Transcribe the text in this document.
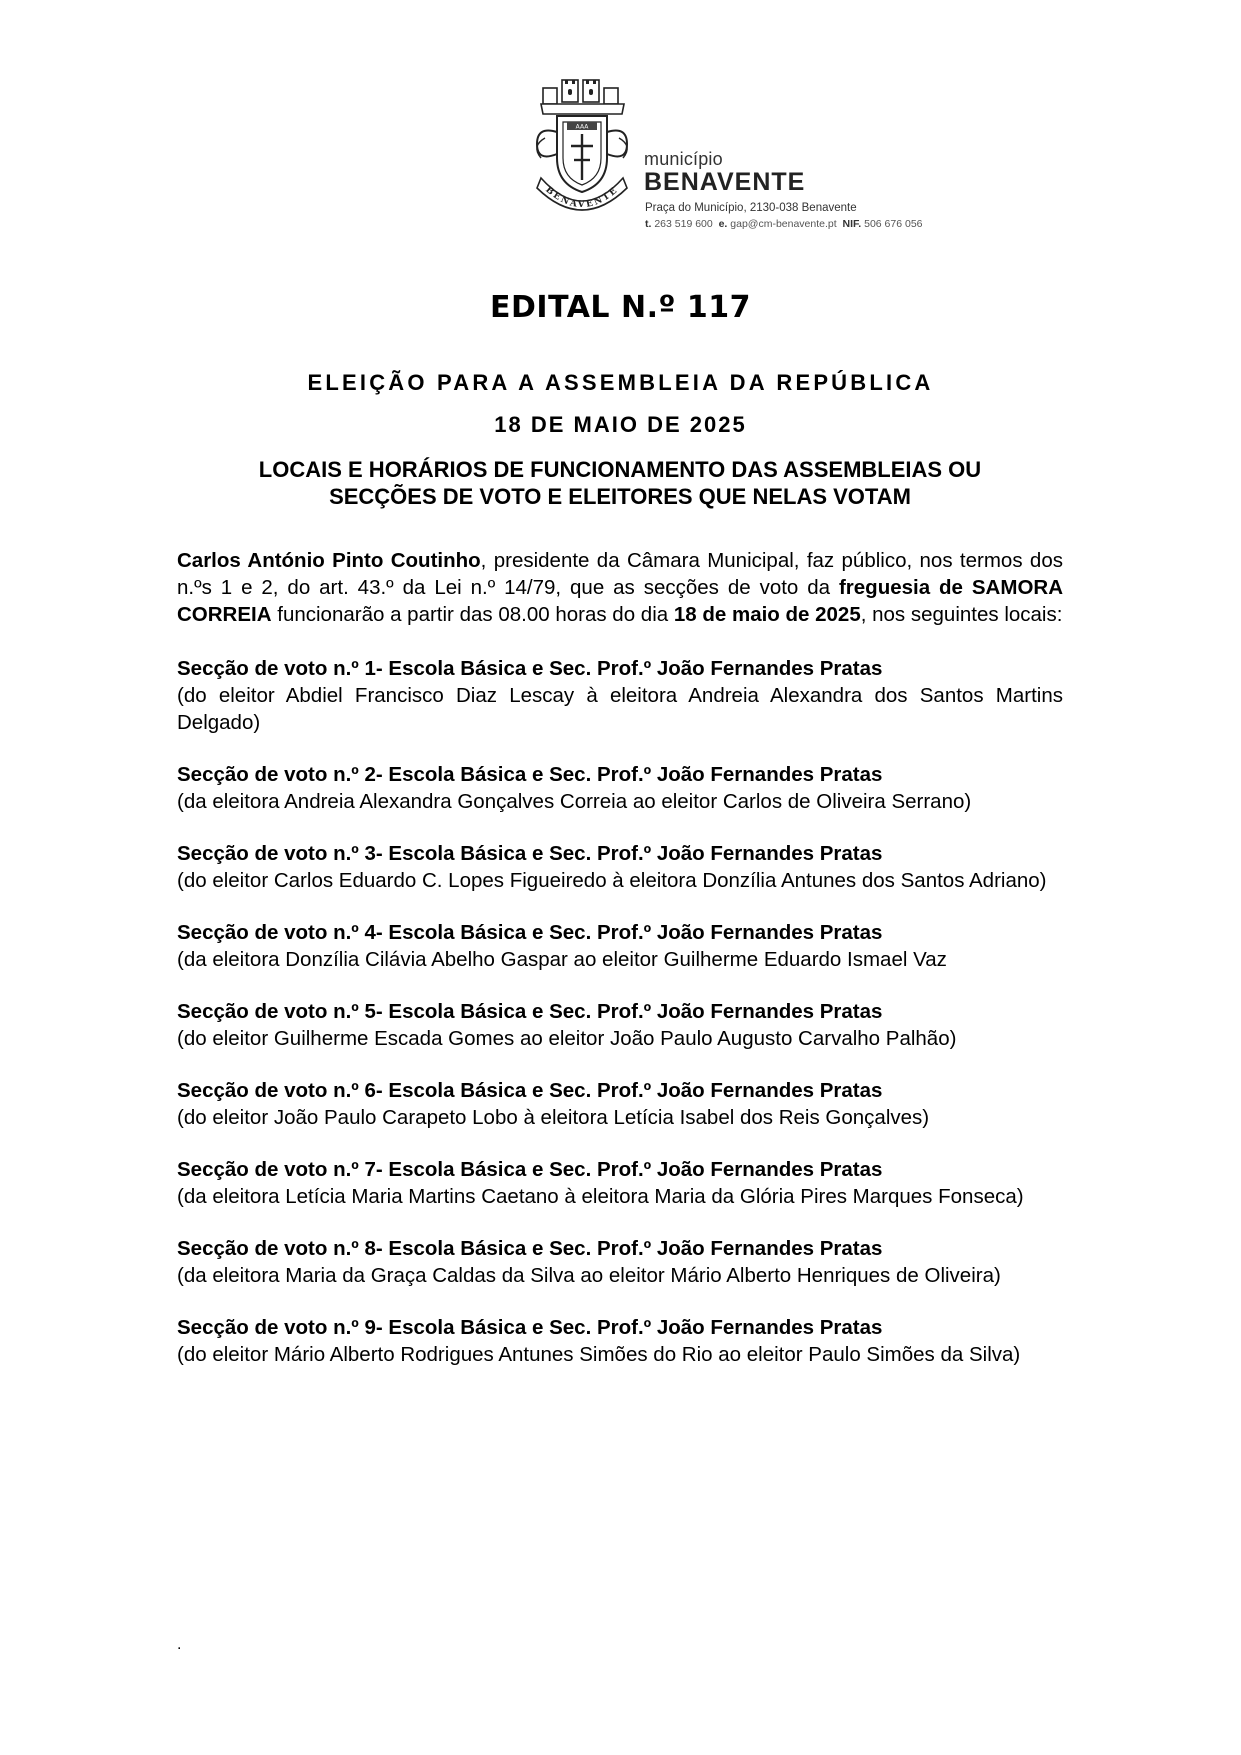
AAA
BENAVENTE
município
BENAVENTE
Praça do Município, 2130-038 Benavente
t. 263 519 600 e. gap@cm-benavente.pt NIF. 506 676 056
EDITAL N.º 117
ELEIÇÃO PARA A ASSEMBLEIA DA REPÚBLICA
18 DE MAIO DE 2025
LOCAIS E HORÁRIOS DE FUNCIONAMENTO DAS ASSEMBLEIAS OU
SECÇÕES DE VOTO E ELEITORES QUE NELAS VOTAM

Carlos António Pinto Coutinho, presidente da Câmara Municipal, faz público, nos termos dos n.ºs 1 e 2, do art. 43.º da Lei n.º 14/79, que as secções de voto da freguesia de SAMORA CORREIA funcionarão a partir das 08.00 horas do dia 18 de maio de 2025, nos seguintes locais:

Secção de voto n.º 1- Escola Básica e Sec. Prof.º João Fernandes Pratas
(do eleitor Abdiel Francisco Diaz Lescay à eleitora Andreia Alexandra dos Santos Martins Delgado)
Secção de voto n.º 2- Escola Básica e Sec. Prof.º João Fernandes Pratas
(da eleitora Andreia Alexandra Gonçalves Correia ao eleitor Carlos de Oliveira Serrano)
Secção de voto n.º 3- Escola Básica e Sec. Prof.º João Fernandes Pratas
(do eleitor Carlos Eduardo C. Lopes Figueiredo à eleitora Donzília Antunes dos Santos Adriano)
Secção de voto n.º 4- Escola Básica e Sec. Prof.º João Fernandes Pratas
(da eleitora Donzília Cilávia Abelho Gaspar ao eleitor Guilherme Eduardo Ismael Vaz
Secção de voto n.º 5- Escola Básica e Sec. Prof.º João Fernandes Pratas
(do eleitor Guilherme Escada Gomes ao eleitor João Paulo Augusto Carvalho Palhão)
Secção de voto n.º 6- Escola Básica e Sec. Prof.º João Fernandes Pratas
(do eleitor João Paulo Carapeto Lobo à eleitora Letícia Isabel dos Reis Gonçalves)
Secção de voto n.º 7- Escola Básica e Sec. Prof.º João Fernandes Pratas
(da eleitora Letícia Maria Martins Caetano à eleitora Maria da Glória Pires Marques Fonseca)
Secção de voto n.º 8- Escola Básica e Sec. Prof.º João Fernandes Pratas
(da eleitora Maria da Graça Caldas da Silva ao eleitor Mário Alberto Henriques de Oliveira)
Secção de voto n.º 9- Escola Básica e Sec. Prof.º João Fernandes Pratas
(do eleitor Mário Alberto Rodrigues Antunes Simões do Rio ao eleitor Paulo Simões da Silva)
.
